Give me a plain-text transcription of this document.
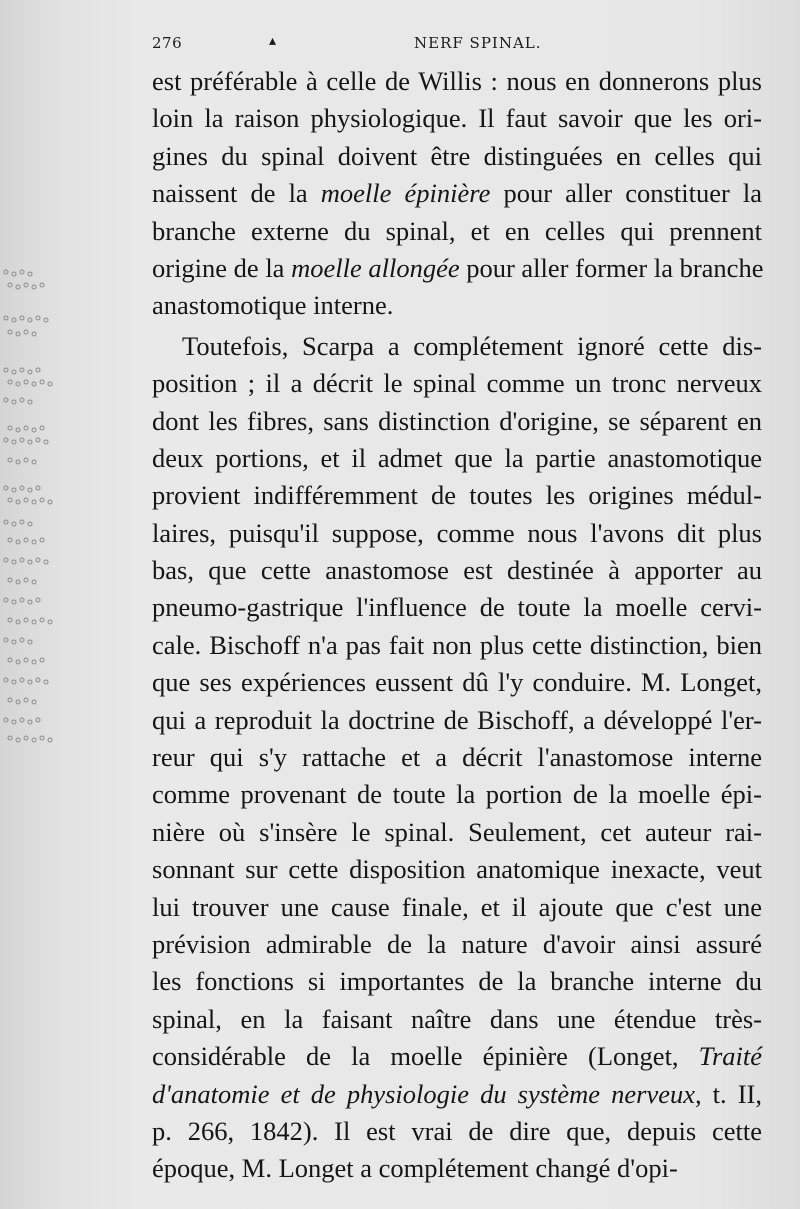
276	▴	NERF SPINAL.
est préférable à celle de Willis : nous en donnerons plus
loin la raison physiologique. Il faut savoir que les ori-
gines du spinal doivent être distinguées en celles qui
naissent de la moelle épinière pour aller constituer la
branche externe du spinal, et en celles qui prennent
origine de la moelle allongée pour aller former la branche
anastomotique interne.
Toutefois, Scarpa a complétement ignoré cette dis-
position ; il a décrit le spinal comme un tronc nerveux
dont les fibres, sans distinction d'origine, se séparent en
deux portions, et il admet que la partie anastomotique
provient indifféremment de toutes les origines médul-
laires, puisqu'il suppose, comme nous l'avons dit plus
bas, que cette anastomose est destinée à apporter au
pneumo-gastrique l'influence de toute la moelle cervi-
cale. Bischoff n'a pas fait non plus cette distinction, bien
que ses expériences eussent dû l'y conduire. M. Longet,
qui a reproduit la doctrine de Bischoff, a développé l'er-
reur qui s'y rattache et a décrit l'anastomose interne
comme provenant de toute la portion de la moelle épi-
nière où s'insère le spinal. Seulement, cet auteur rai-
sonnant sur cette disposition anatomique inexacte, veut
lui trouver une cause finale, et il ajoute que c'est une
prévision admirable de la nature d'avoir ainsi assuré
les fonctions si importantes de la branche interne du
spinal, en la faisant naître dans une étendue très-
considérable de la moelle épinière (Longet, Traité
d'anatomie et de physiologie du système nerveux, t. II,
p. 266, 1842). Il est vrai de dire que, depuis cette
époque, M. Longet a complétement changé d'opi-
